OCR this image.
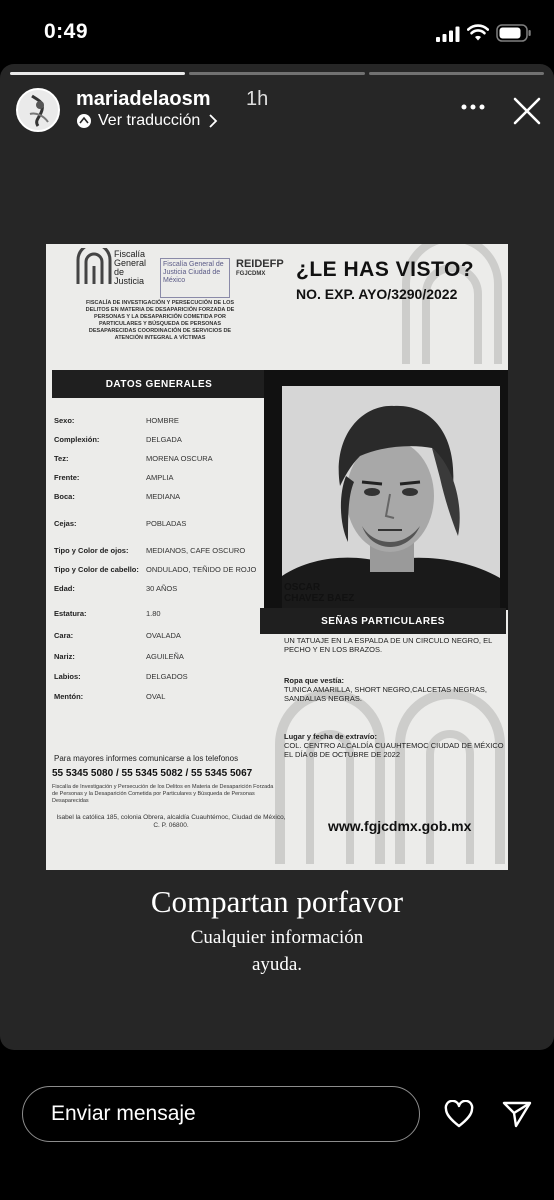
0:49
mariadelaosm 1h
Ver traducción
Fiscalía General de Justicia
Fiscalía General de Justicia Ciudad de México
REIDEFP
FGJCDMX
FISCALÍA DE INVESTIGACIÓN Y PERSECUCIÓN DE LOS DELITOS EN MATERIA DE DESAPARICIÓN FORZADA DE PERSONAS Y LA DESAPARICIÓN COMETIDA POR PARTICULARES Y BÚSQUEDA DE PERSONAS DESAPARECIDAS COORDINACIÓN DE SERVICIOS DE ATENCIÓN INTEGRAL A VÍCTIMAS
¿LE HAS VISTO?
NO. EXP. AYO/3290/2022
DATOS GENERALES
Sexo:	HOMBRE
Complexión:	DELGADA
Tez:	MORENA OSCURA
Frente:	AMPLIA
Boca:	MEDIANA
Cejas:	POBLADAS
Tipo y Color de ojos: MEDIANOS, CAFE OSCURO
Tipo y Color de cabello: ONDULADO, TEÑIDO DE ROJO
Edad:	30 AÑOS
Estatura:	1.80
Cara:	OVALADA
Nariz:	AGUILEÑA
Labios:	DELGADOS
Mentón:	OVAL
OSCAR
CHAVEZ BAEZ
SEÑAS PARTICULARES
UN TATUAJE EN LA ESPALDA DE UN CIRCULO NEGRO, EL PECHO Y EN LOS BRAZOS.
Ropa que vestía:
TUNICA AMARILLA, SHORT NEGRO,CALCETAS NEGRAS, SANDALIAS NEGRAS.
Lugar y fecha de extravío:
COL. CENTRO ALCALDÍA CUAUHTEMOC CIUDAD DE MÉXICO EL DÍA 08 DE OCTUBRE DE 2022
Para mayores informes comunicarse a los telefonos
55 5345 5080 / 55 5345 5082 / 55 5345 5067
Fiscalía de Investigación y Persecución de los Delitos en Materia de Desaparición Forzada de Personas y la Desaparición Cometida por Particulares y Búsqueda de Personas Desaparecidas
Isabel la católica 185, colonia Obrera, alcaldía Cuauhtémoc, Ciudad de México, C. P. 06800.	www.fgjcdmx.gob.mx
Compartan porfavor
Cualquier información
ayuda.
Enviar mensaje
